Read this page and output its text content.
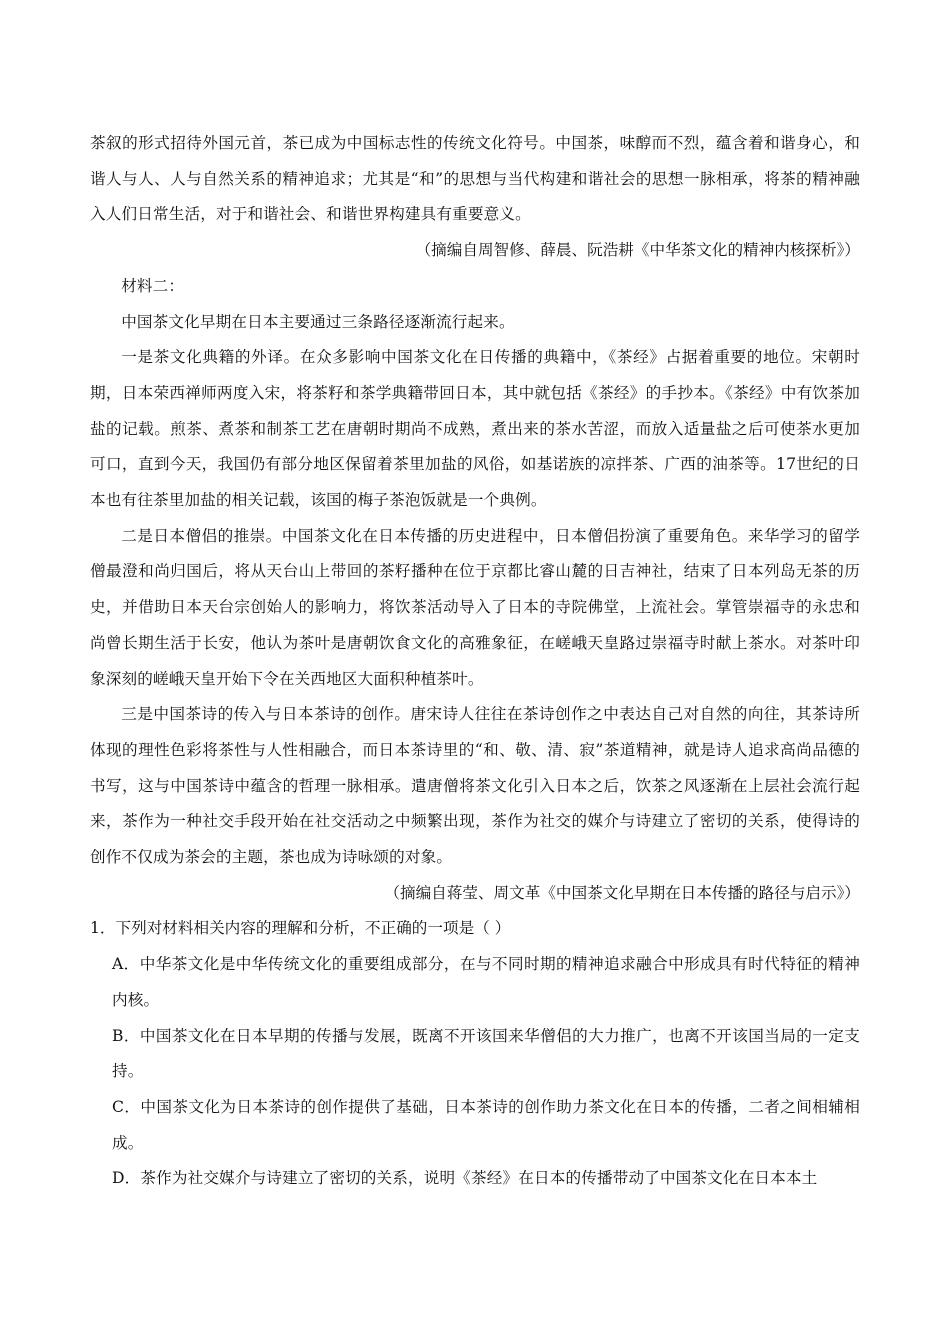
茶叙的形式招待外国元首，茶已成为中国标志性的传统文化符号。中国茶，味醇而不烈，蕴含着和谐身心，和谐人与人、人与自然关系的精神追求；尤其是“和”的思想与当代构建和谐社会的思想一脉相承，将茶的精神融入人们日常生活，对于和谐社会、和谐世界构建具有重要意义。

（摘编自周智修、薛晨、阮浩耕《中华茶文化的精神内核探析》）

材料二：

中国茶文化早期在日本主要通过三条路径逐渐流行起来。

一是茶文化典籍的外译。在众多影响中国茶文化在日传播的典籍中，《茶经》占据着重要的地位。宋朝时期，日本荣西禅师两度入宋，将茶籽和茶学典籍带回日本，其中就包括《茶经》的手抄本。《茶经》中有饮茶加盐的记载。煎茶、煮茶和制茶工艺在唐朝时期尚不成熟，煮出来的茶水苦涩，而放入适量盐之后可使茶水更加可口，直到今天，我国仍有部分地区保留着茶里加盐的风俗，如基诺族的凉拌茶、广西的油茶等。17世纪的日本也有往茶里加盐的相关记载，该国的梅子茶泡饭就是一个典例。

二是日本僧侣的推崇。中国茶文化在日本传播的历史进程中，日本僧侣扮演了重要角色。来华学习的留学僧最澄和尚归国后，将从天台山上带回的茶籽播种在位于京都比睿山麓的日吉神社，结束了日本列岛无茶的历史，并借助日本天台宗创始人的影响力，将饮茶活动导入了日本的寺院佛堂，上流社会。掌管崇福寺的永忠和尚曾长期生活于长安，他认为茶叶是唐朝饮食文化的高雅象征，在嵯峨天皇路过崇福寺时献上茶水。对茶叶印象深刻的嵯峨天皇开始下令在关西地区大面积种植茶叶。

三是中国茶诗的传入与日本茶诗的创作。唐宋诗人往往在茶诗创作之中表达自己对自然的向往，其茶诗所体现的理性色彩将茶性与人性相融合，而日本茶诗里的“和、敬、清、寂”茶道精神，就是诗人追求高尚品德的书写，这与中国茶诗中蕴含的哲理一脉相承。遣唐僧将茶文化引入日本之后，饮茶之风逐渐在上层社会流行起来，茶作为一种社交手段开始在社交活动之中频繁出现，茶作为社交的媒介与诗建立了密切的关系，使得诗的创作不仅成为茶会的主题，茶也成为诗咏颂的对象。

（摘编自蒋莹、周文革《中国茶文化早期在日本传播的路径与启示》）

1．下列对材料相关内容的理解和分析，不正确的一项是（ ）

A．中华茶文化是中华传统文化的重要组成部分，在与不同时期的精神追求融合中形成具有时代特征的精神内核。

B．中国茶文化在日本早期的传播与发展，既离不开该国来华僧侣的大力推广，也离不开该国当局的一定支持。

C．中国茶文化为日本茶诗的创作提供了基础，日本茶诗的创作助力茶文化在日本的传播，二者之间相辅相成。

D．茶作为社交媒介与诗建立了密切的关系，说明《茶经》在日本的传播带动了中国茶文化在日本本土
